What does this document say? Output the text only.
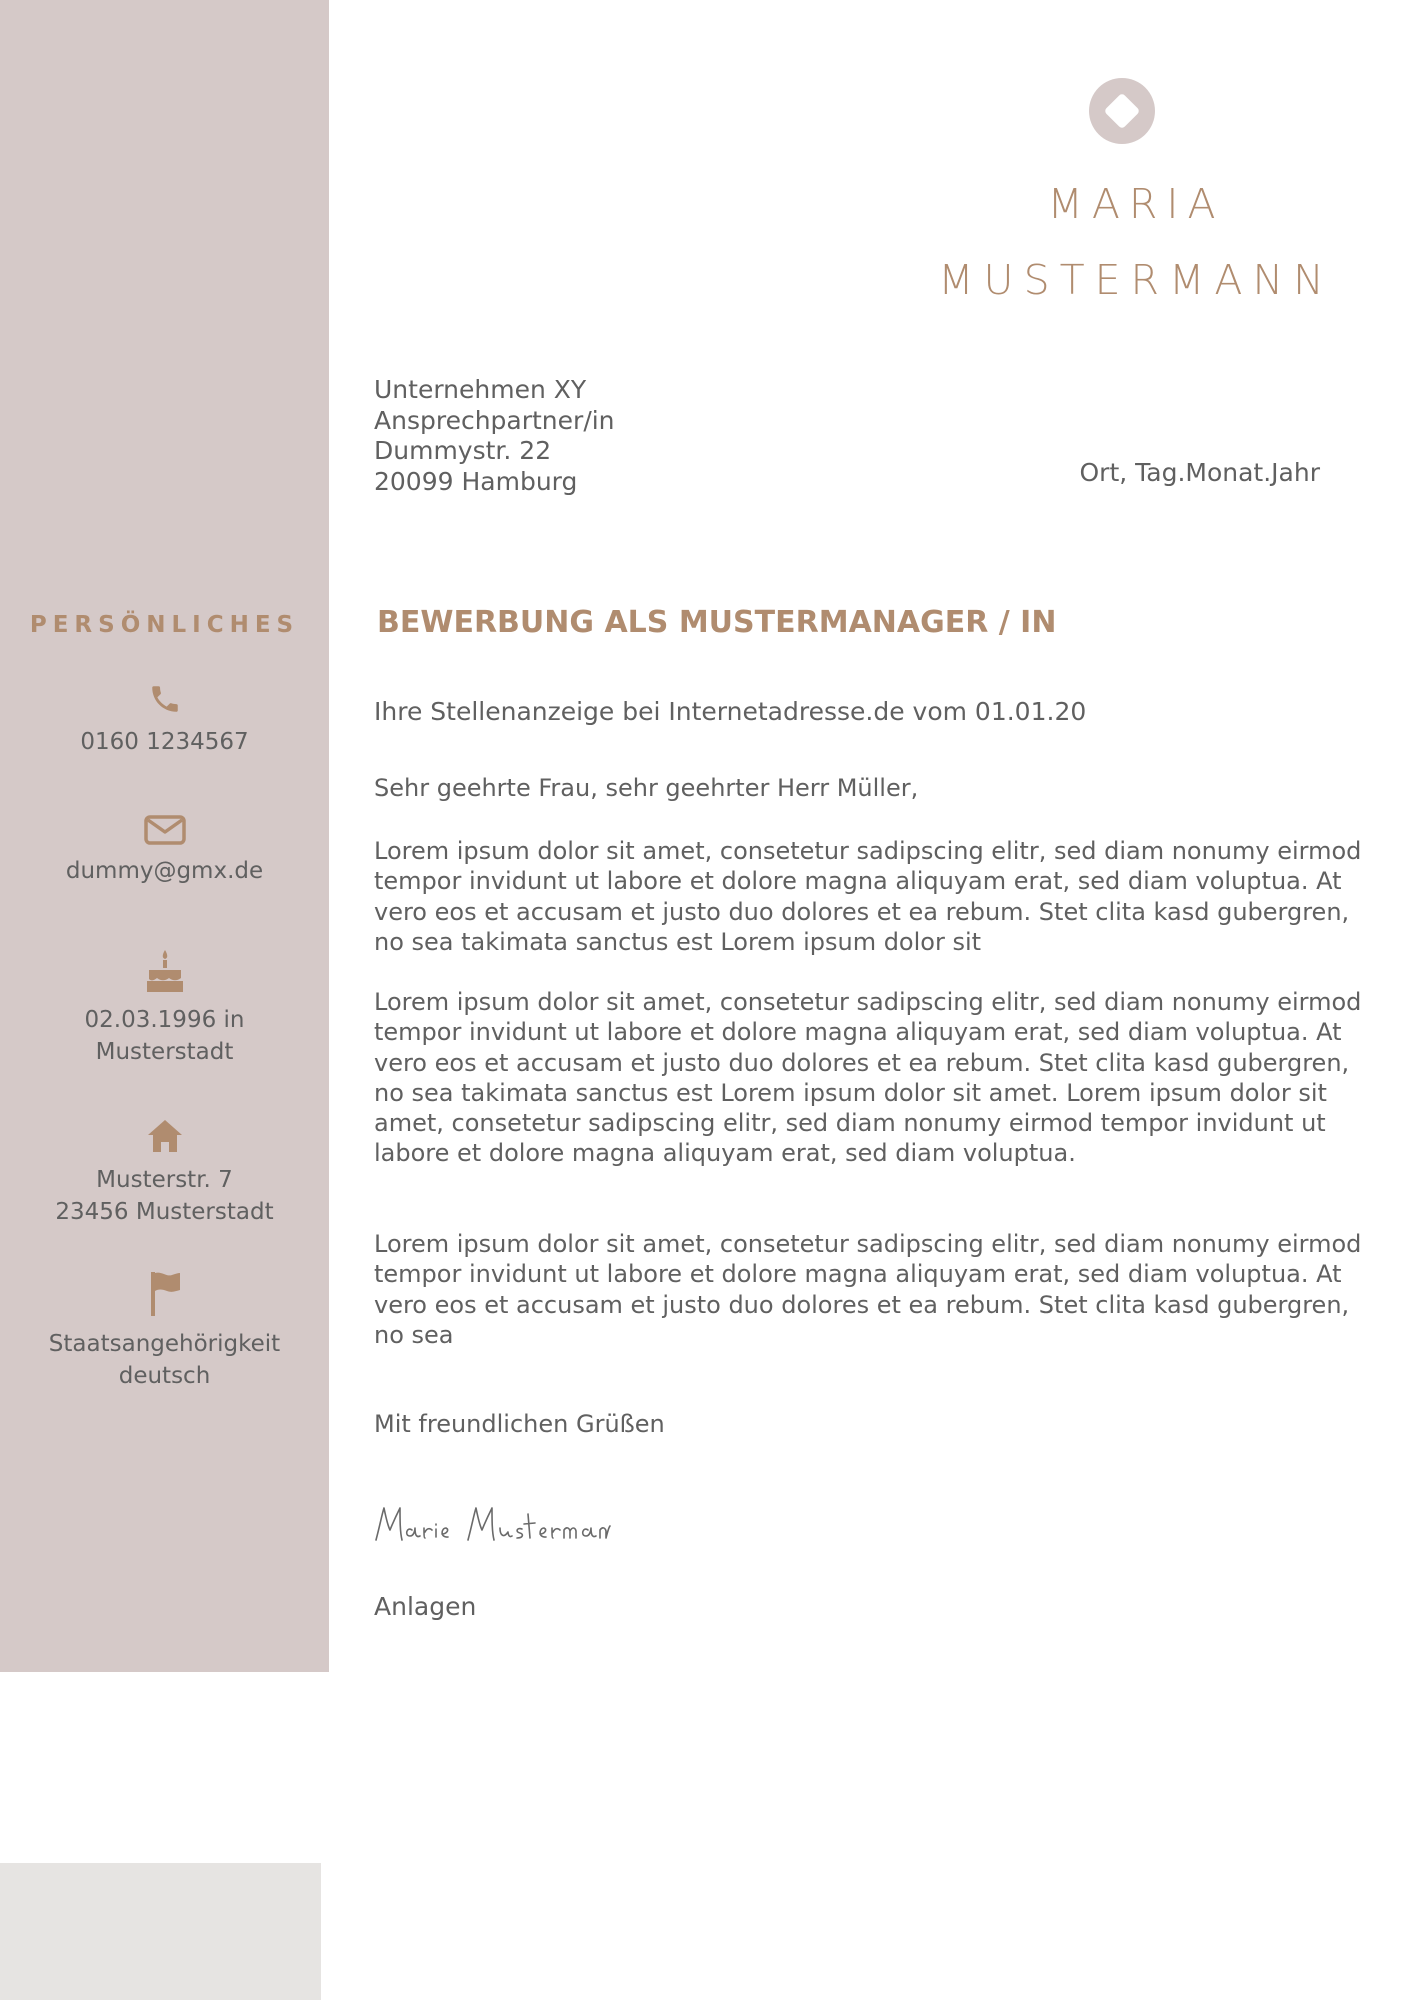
MARIA
MUSTERMANN
Unternehmen XY
Ansprechpartner/in
Dummystr. 22
20099 Hamburg	Ort, Tag.Monat.Jahr
PERSÖNLICHES
0160 1234567
dummy@gmx.de
02.03.1996 in
Musterstadt
Musterstr. 7
23456 Musterstadt
Staatsangehörigkeit
deutsch
BEWERBUNG ALS MUSTERMANAGER / IN
Ihre Stellenanzeige bei Internetadresse.de vom 01.01.20
Sehr geehrte Frau, sehr geehrter Herr Müller,

Lorem ipsum dolor sit amet, consetetur sadipscing elitr, sed diam nonumy eirmod tempor invidunt ut labore et dolore magna aliquyam erat, sed diam voluptua. At vero eos et accusam et justo duo dolores et ea rebum. Stet clita kasd gubergren, no sea takimata sanctus est Lorem ipsum dolor sit

Lorem ipsum dolor sit amet, consetetur sadipscing elitr, sed diam nonumy eirmod tempor invidunt ut labore et dolore magna aliquyam erat, sed diam voluptua. At vero eos et accusam et justo duo dolores et ea rebum. Stet clita kasd gubergren, no sea takimata sanctus est Lorem ipsum dolor sit amet. Lorem ipsum dolor sit amet, consetetur sadipscing elitr, sed diam nonumy eirmod tempor invidunt ut labore et dolore magna aliquyam erat, sed diam voluptua.

Lorem ipsum dolor sit amet, consetetur sadipscing elitr, sed diam nonumy eirmod tempor invidunt ut labore et dolore magna aliquyam erat, sed diam voluptua. At vero eos et accusam et justo duo dolores et ea rebum. Stet clita kasd gubergren, no sea

Mit freundlichen Grüßen
Anlagen
